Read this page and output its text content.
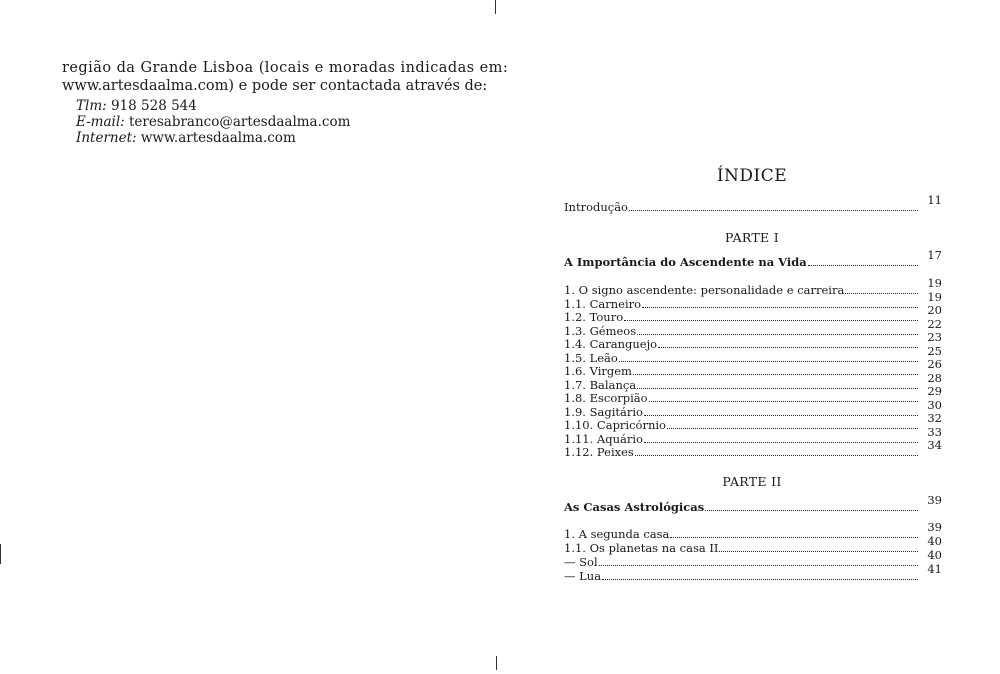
região da Grande Lisboa (locais e moradas indicadas em:
www.artesdaalma.com) e pode ser contactada através de:
Tlm: 918 528 544
E-mail: teresabranco@artesdaalma.com
Internet: www.artesdaalma.com
ÍNDICE
Introdução	11
PARTE I
A Importância do Ascendente na Vida	17
1. O signo ascendente: personalidade e carreira	19
1.1. Carneiro	19
1.2. Touro	20
1.3. Gémeos	22
1.4. Caranguejo	23
1.5. Leão	25
1.6. Virgem	26
1.7. Balança	28
1.8. Escorpião	29
1.9. Sagitário	30
1.10. Capricórnio	32
1.11. Aquário	33
1.12. Peixes	34
PARTE II
As Casas Astrológicas	39
1. A segunda casa	39
1.1. Os planetas na casa II	40
— Sol	40
— Lua	41
